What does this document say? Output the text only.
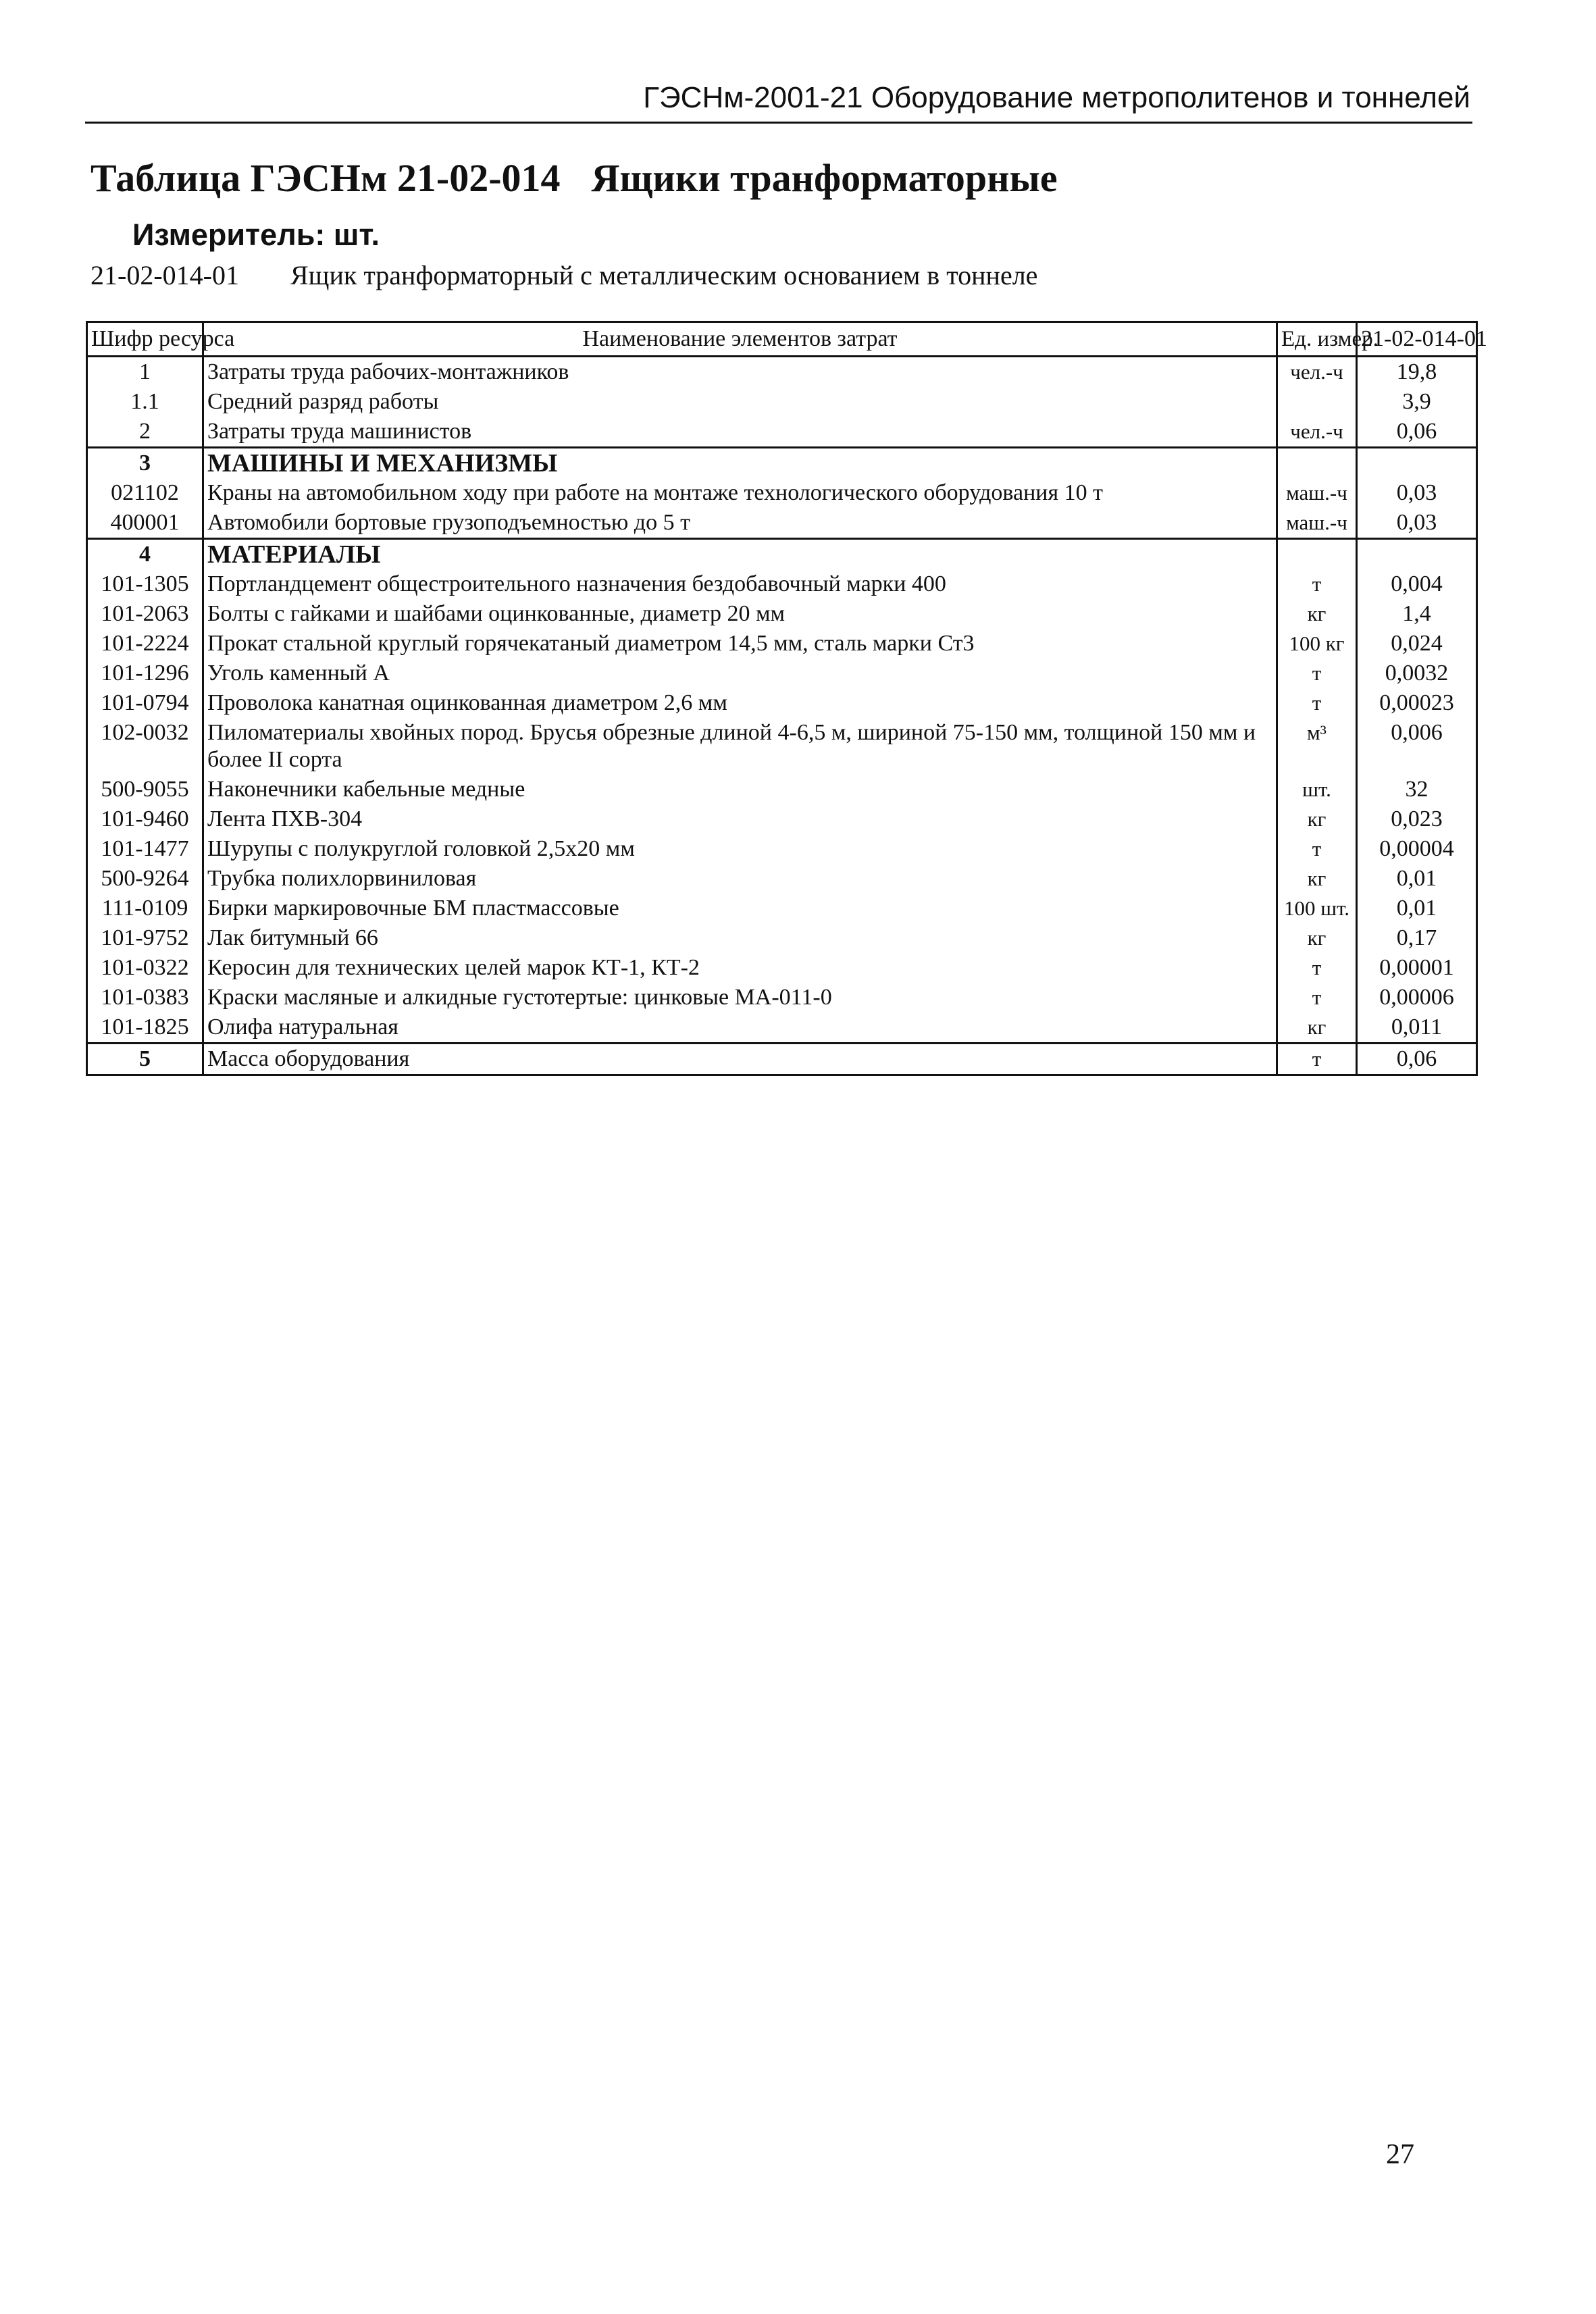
ГЭСНм-2001-21 Оборудование метрополитенов и тоннелей
Таблица ГЭСНм 21-02-014 Ящики транформаторные
Измеритель: шт.
21-02-014-01 Ящик транформаторный с металлическим основанием в тоннеле
Шифр ресурса	Наименование элементов затрат	Ед. измер.	21-02-014-01
1	Затраты труда рабочих-монтажников	чел.-ч	19,8
1.1	Средний разряд работы		3,9
2	Затраты труда машинистов	чел.-ч	0,06
3	МАШИНЫ И МЕХАНИЗМЫ		
021102	Краны на автомобильном ходу при работе на монтаже технологического оборудования 10 т	маш.-ч	0,03
400001	Автомобили бортовые грузоподъемностью до 5 т	маш.-ч	0,03
4	МАТЕРИАЛЫ		
101-1305	Портландцемент общестроительного назначения бездобавочный марки 400	т	0,004
101-2063	Болты с гайками и шайбами оцинкованные, диаметр 20 мм	кг	1,4
101-2224	Прокат стальной круглый горячекатаный диаметром 14,5 мм, сталь марки Ст3	100 кг	0,024
101-1296	Уголь каменный А	т	0,0032
101-0794	Проволока канатная оцинкованная диаметром 2,6 мм	т	0,00023
102-0032	Пиломатериалы хвойных пород. Брусья обрезные длиной 4-6,5 м, шириной 75-150 мм, толщиной 150 мм и более II сорта	м³	0,006
500-9055	Наконечники кабельные медные	шт.	32
101-9460	Лента ПХВ-304	кг	0,023
101-1477	Шурупы с полукруглой головкой 2,5х20 мм	т	0,00004
500-9264	Трубка полихлорвиниловая	кг	0,01
111-0109	Бирки маркировочные БМ пластмассовые	100 шт.	0,01
101-9752	Лак битумный 66	кг	0,17
101-0322	Керосин для технических целей марок КТ-1, КТ-2	т	0,00001
101-0383	Краски масляные и алкидные густотертые: цинковые МА-011-0	т	0,00006
101-1825	Олифа натуральная	кг	0,011
5	Масса оборудования	т	0,06
27
